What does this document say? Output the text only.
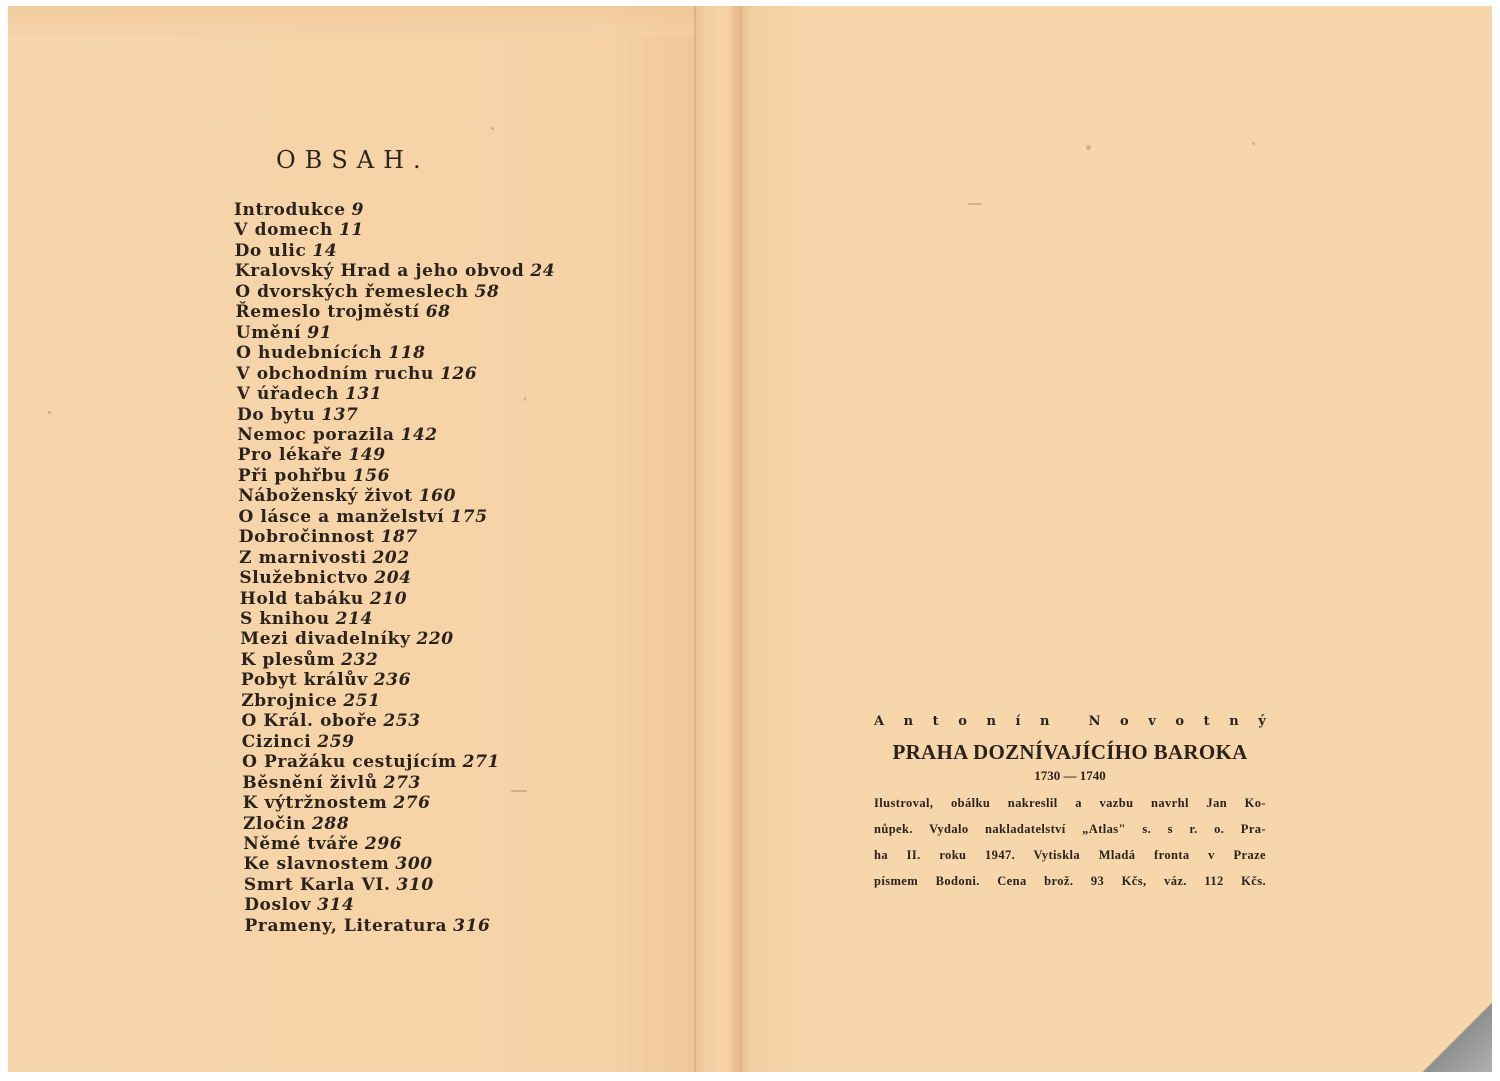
OBSAH.
Introdukce 9
V domech 11
Do ulic 14
Kralovský Hrad a jeho obvod 24
O dvorských řemeslech 58
Řemeslo trojměstí 68
Umění 91
O hudebnících 118
V obchodním ruchu 126
V úřadech 131
Do bytu 137
Nemoc porazila 142
Pro lékaře 149
Při pohřbu 156
Náboženský život 160
O lásce a manželství 175
Dobročinnost 187
Z marnivosti 202
Služebnictvo 204
Hold tabáku 210
S knihou 214
Mezi divadelníky 220
K plesům 232
Pobyt králův 236
Zbrojnice 251
O Král. oboře 253
Cizinci 259
O Pražáku cestujícím 271
Běsnění živlů 273
K výtržnostem 276
Zločin 288
Němé tváře 296
Ke slavnostem 300
Smrt Karla VI. 310
Doslov 314
Prameny, Literatura 316
A n t o n í n	N o v o t n ý
PRAHA DOZNÍVAJÍCÍHO BAROKA
1730 — 1740
Ilustroval, obálku nakreslil a vazbu navrhl Jan Ko-
nůpek. Vydalo nakladatelství „Atlas" s. s r. o. Pra-
ha II. roku 1947. Vytiskla Mladá fronta v Praze
písmem Bodoni. Cena brož. 93 Kčs, váz. 112 Kčs.
